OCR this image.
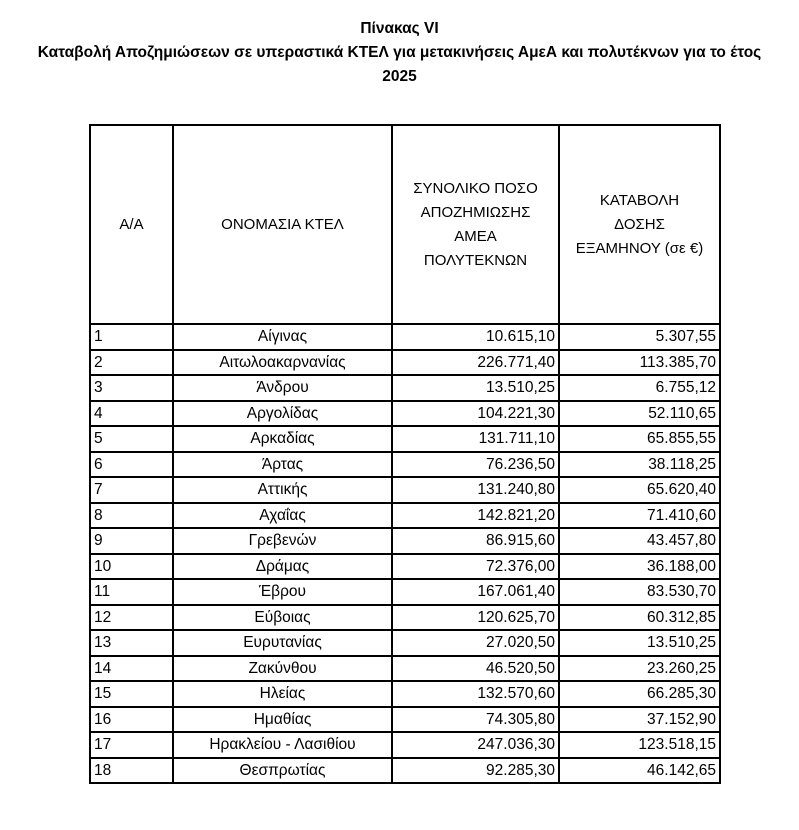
Πίνακας VI
Καταβολή Αποζημιώσεων σε υπεραστικά ΚΤΕΛ για μετακινήσεις ΑμεΑ και πολυτέκνων για το έτος
2025
Α/Α	ΟΝΟΜΑΣΙΑ ΚΤΕΛ	ΣΥΝΟΛΙΚΟ ΠΟΣΟ
ΑΠΟΖΗΜΙΩΣΗΣ
ΑΜΕΑ
ΠΟΛΥΤΕΚΝΩΝ	ΚΑΤΑΒΟΛΗ
ΔΟΣΗΣ
ΕΞΑΜΗΝΟΥ (σε €)

1	Αίγινας	10.615,10	5.307,55
2	Αιτωλοακαρνανίας	226.771,40	113.385,70
3	Άνδρου	13.510,25	6.755,12
4	Αργολίδας	104.221,30	52.110,65
5	Αρκαδίας	131.711,10	65.855,55
6	Άρτας	76.236,50	38.118,25
7	Αττικής	131.240,80	65.620,40
8	Αχαΐας	142.821,20	71.410,60
9	Γρεβενών	86.915,60	43.457,80
10	Δράμας	72.376,00	36.188,00
11	Έβρου	167.061,40	83.530,70
12	Εύβοιας	120.625,70	60.312,85
13	Ευρυτανίας	27.020,50	13.510,25
14	Ζακύνθου	46.520,50	23.260,25
15	Ηλείας	132.570,60	66.285,30
16	Ημαθίας	74.305,80	37.152,90
17	Ηρακλείου - Λασιθίου	247.036,30	123.518,15
18	Θεσπρωτίας	92.285,30	46.142,65
